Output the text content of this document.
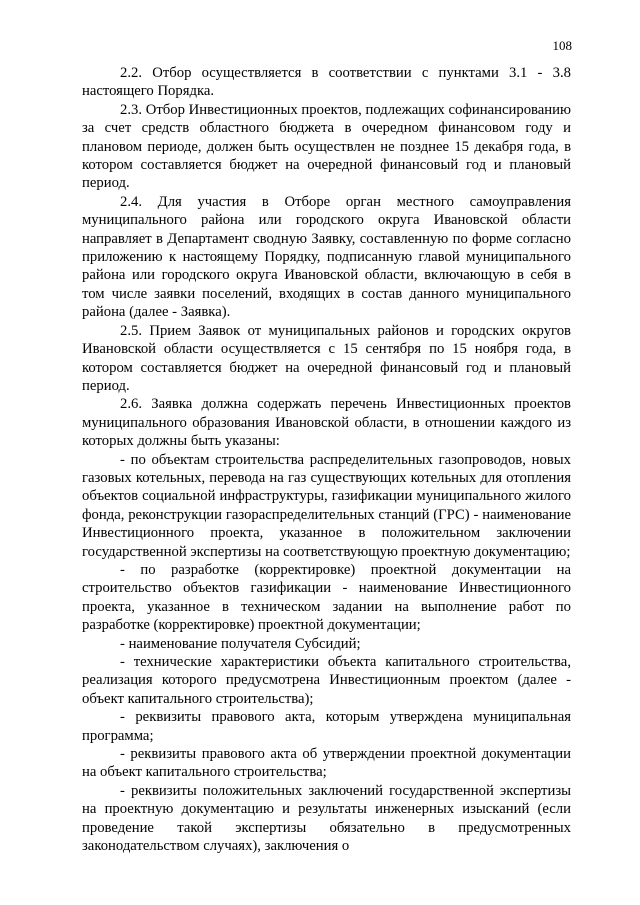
108

2.2. Отбор осуществляется в соответствии с пунктами 3.1 - 3.8 настоящего Порядка.

2.3. Отбор Инвестиционных проектов, подлежащих софинансированию за счет средств областного бюджета в очередном финансовом году и плановом периоде, должен быть осуществлен не позднее 15 декабря года, в котором составляется бюджет на очередной финансовый год и плановый период.

2.4. Для участия в Отборе орган местного самоуправления муниципального района или городского округа Ивановской области направляет в Департамент сводную Заявку, составленную по форме согласно приложению к настоящему Порядку, подписанную главой муниципального района или городского округа Ивановской области, включающую в себя в том числе заявки поселений, входящих в состав данного муниципального района (далее - Заявка).

2.5. Прием Заявок от муниципальных районов и городских округов Ивановской области осуществляется с 15 сентября по 15 ноября года, в котором составляется бюджет на очередной финансовый год и плановый период.

2.6. Заявка должна содержать перечень Инвестиционных проектов муниципального образования Ивановской области, в отношении каждого из которых должны быть указаны:

- по объектам строительства распределительных газопроводов, новых газовых котельных, перевода на газ существующих котельных для отопления объектов социальной инфраструктуры, газификации муниципального жилого фонда, реконструкции газораспределительных станций (ГРС) - наименование Инвестиционного проекта, указанное в положительном заключении государственной экспертизы на соответствующую проектную документацию;

- по разработке (корректировке) проектной документации на строительство объектов газификации - наименование Инвестиционного проекта, указанное в техническом задании на выполнение работ по разработке (корректировке) проектной документации;

- наименование получателя Субсидий;

- технические характеристики объекта капитального строительства, реализация которого предусмотрена Инвестиционным проектом (далее - объект капитального строительства);

- реквизиты правового акта, которым утверждена муниципальная программа;

- реквизиты правового акта об утверждении проектной документации на объект капитального строительства;

- реквизиты положительных заключений государственной экспертизы на проектную документацию и результаты инженерных изысканий (если проведение такой экспертизы обязательно в предусмотренных законодательством случаях), заключения о
